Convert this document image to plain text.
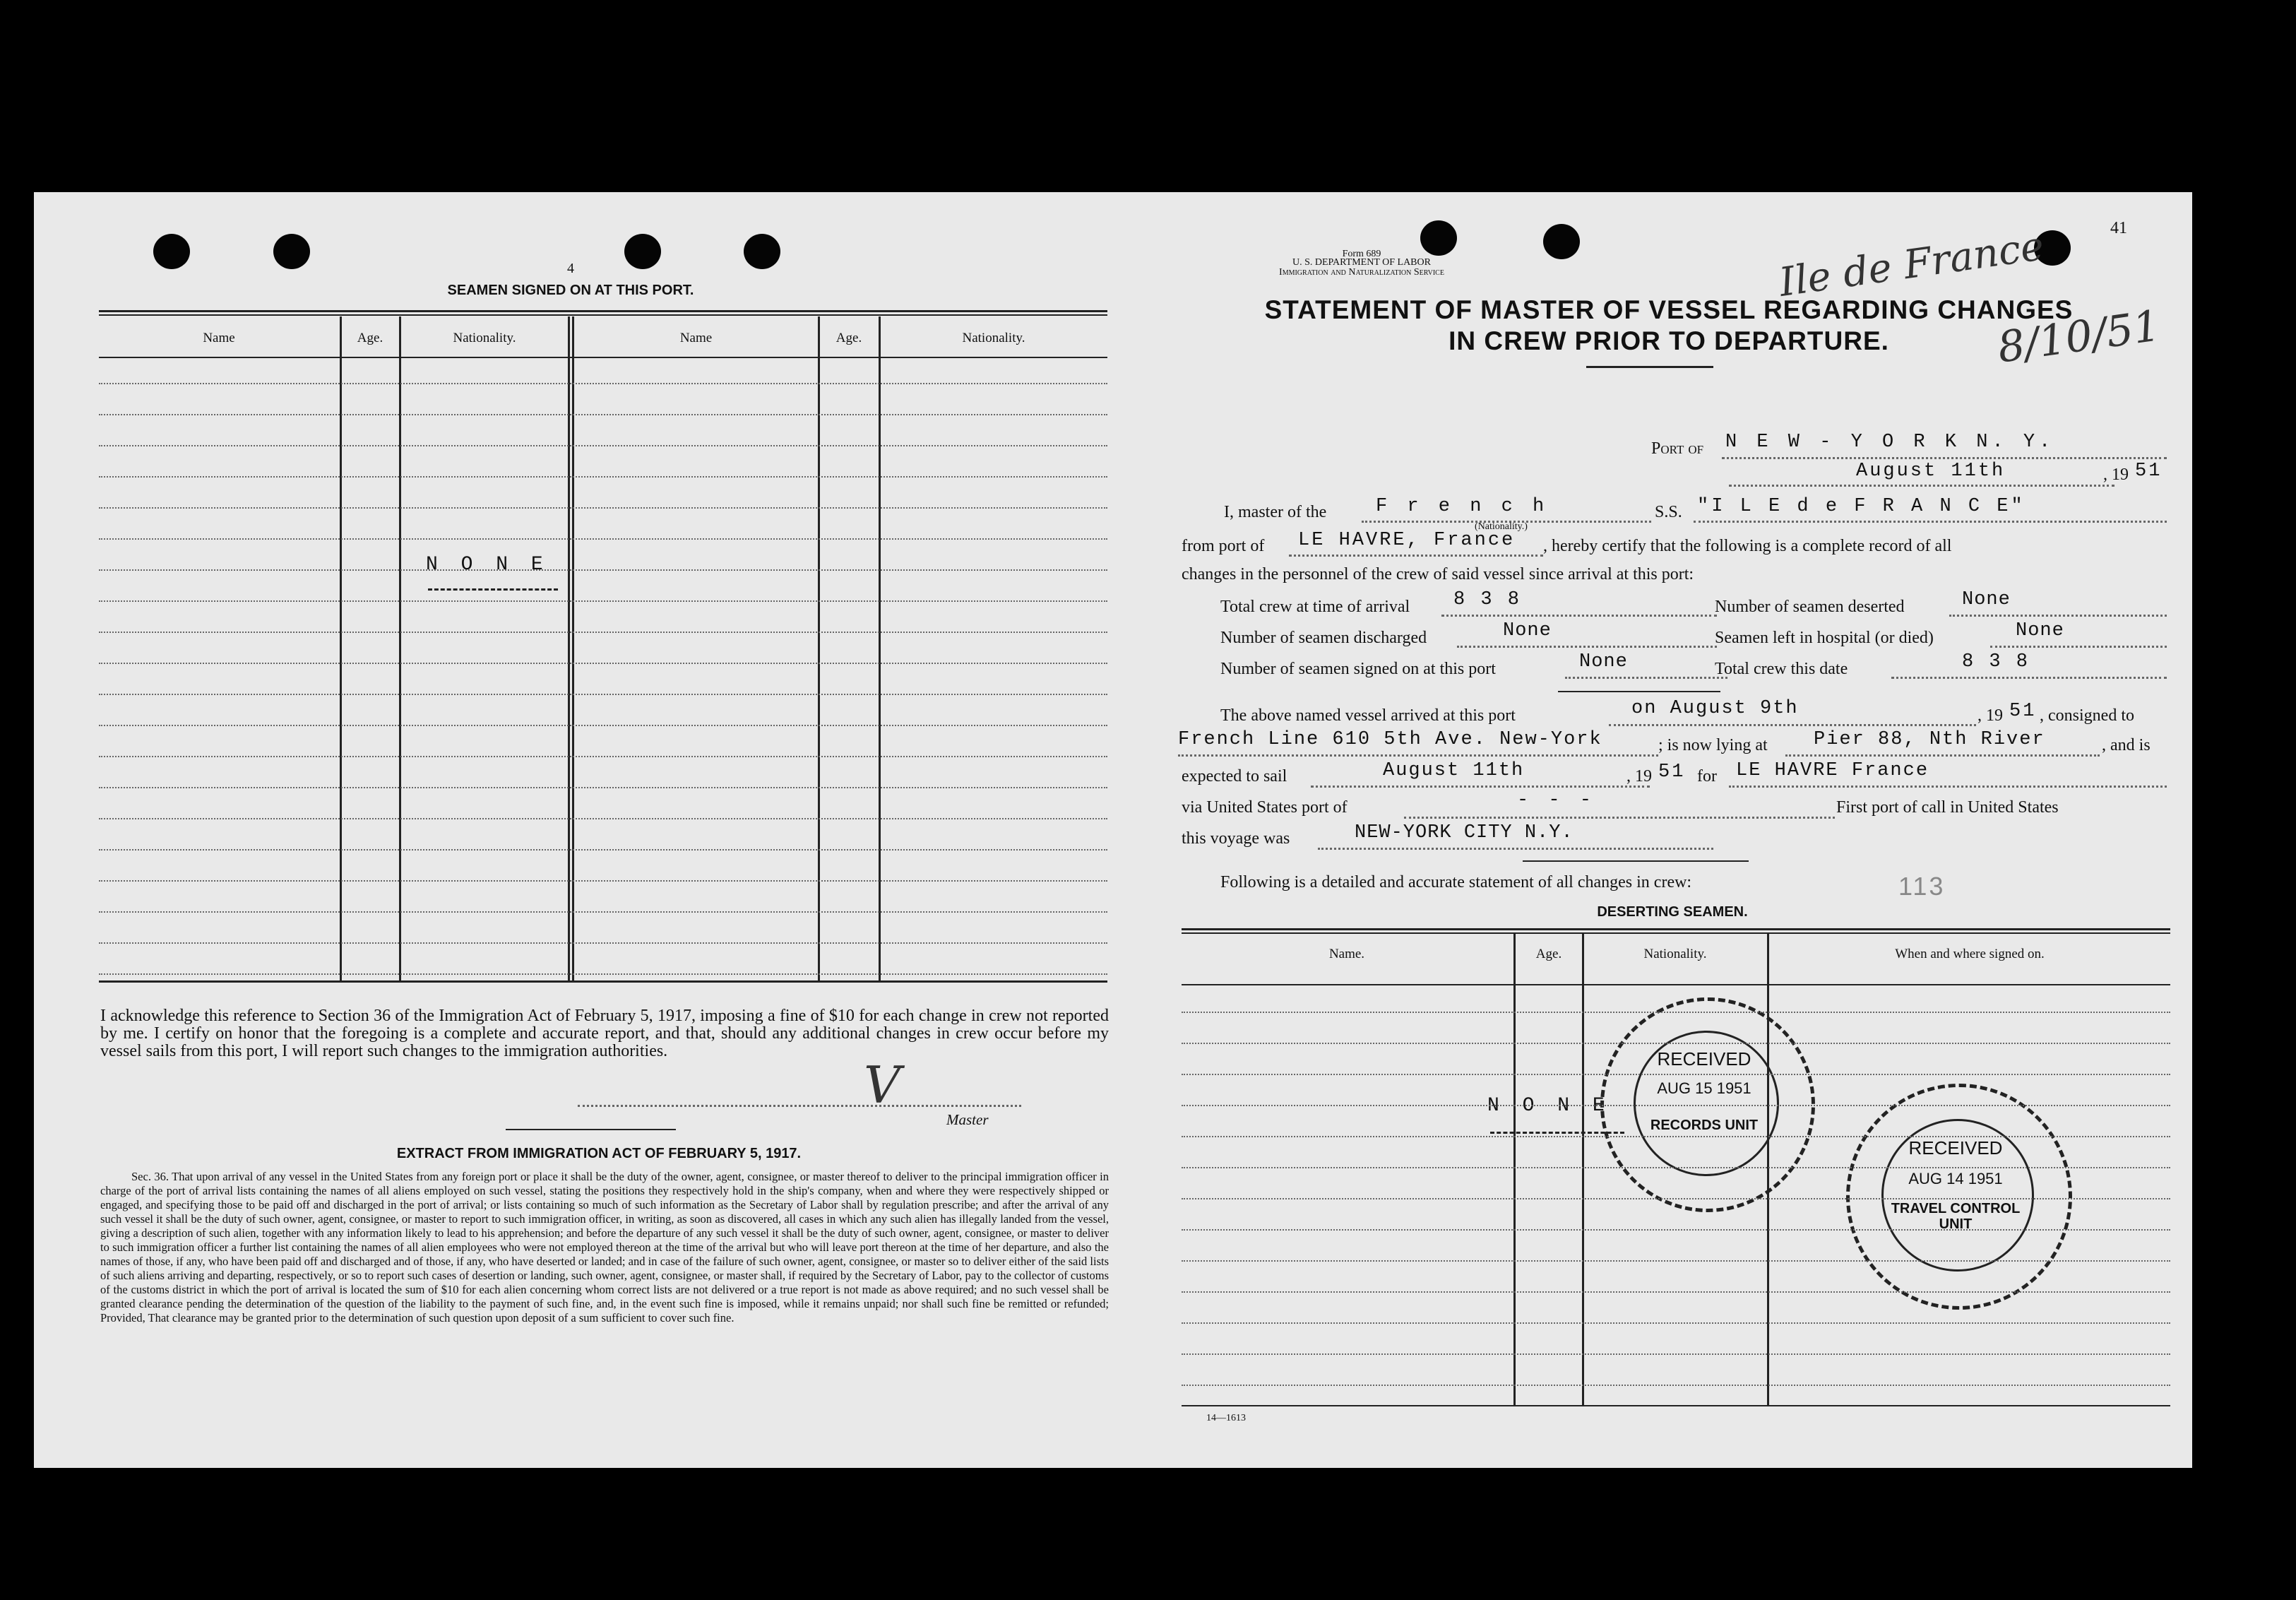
4
SEAMEN SIGNED ON AT THIS PORT.
Name	Age.	Nationality.	Name	Age.	Nationality.
N O N E
I acknowledge this reference to Section 36 of the Immigration Act of February 5, 1917, imposing a fine of $10 for each change in crew not reported by me. I certify on honor that the foregoing is a complete and accurate report, and that, should any additional changes in crew occur before my vessel sails from this port, I will report such changes to the immigration authorities.
V
Master
EXTRACT FROM IMMIGRATION ACT OF FEBRUARY 5, 1917.
Sec. 36. That upon arrival of any vessel in the United States from any foreign port or place it shall be the duty of the owner, agent, consignee, or master thereof to deliver to the principal immigration officer in charge of the port of arrival lists containing the names of all aliens employed on such vessel, stating the positions they respectively hold in the ship's company, when and where they were respectively shipped or engaged, and specifying those to be paid off and discharged in the port of arrival; or lists containing so much of such information as the Secretary of Labor shall by regulation prescribe; and after the arrival of any such vessel it shall be the duty of such owner, agent, consignee, or master to report to such immigration officer, in writing, as soon as discovered, all cases in which any such alien has illegally landed from the vessel, giving a description of such alien, together with any information likely to lead to his apprehension; and before the departure of any such vessel it shall be the duty of such owner, agent, consignee, or master to deliver to such immigration officer a further list containing the names of all alien employees who were not employed thereon at the time of the arrival but who will leave port thereon at the time of her departure, and also the names of those, if any, who have been paid off and discharged and of those, if any, who have deserted or landed; and in case of the failure of such owner, agent, consignee, or master so to deliver either of the said lists of such aliens arriving and departing, respectively, or so to report such cases of desertion or landing, such owner, agent, consignee, or master shall, if required by the Secretary of Labor, pay to the collector of customs of the customs district in which the port of arrival is located the sum of $10 for each alien concerning whom correct lists are not delivered or a true report is not made as above required; and no such vessel shall be granted clearance pending the determination of the question of the liability to the payment of such fine, and, in the event such fine is imposed, while it remains unpaid; nor shall such fine be remitted or refunded; Provided, That clearance may be granted prior to the determination of such question upon deposit of a sum sufficient to cover such fine.
Form 689
U. S. DEPARTMENT OF LABOR
Immigration and Naturalization Service
41
STATEMENT OF MASTER OF VESSEL REGARDING CHANGES
IN CREW PRIOR TO DEPARTURE.
Ile de France
8/10/51
Port of N E W - Y O R K N. Y.
August 11th	, 19 51
I, master of the	F r e n c h
(Nationality.)
S.S. "I L E d e F R A N C E"
from port of LE HAVRE, France , hereby certify that the following is a complete record of all
changes in the personnel of the crew of said vessel since arrival at this port:
Total crew at time of arrival 8 3 8	Number of seamen deserted	None
Number of seamen discharged	None	Seamen left in hospital (or died)	None
Number of seamen signed on at this port	None	Total crew this date	8 3 8
The above named vessel arrived at this port	on August 9th	, 19 51 , consigned to
French Line 610 5th Ave. New-York	; is now lying at Pier 88, Nth River	, and is
expected to sail	August 11th	, 19 51 for LE HAVRE France
via United States port of	- - -	First port of call in United States
this voyage was	NEW-YORK CITY N.Y.
Following is a detailed and accurate statement of all changes in crew:	113
DESERTING SEAMEN.
Name.	Age.	Nationality.	When and where signed on.
N O N E
RECEIVED
AUG 15 1951
RECORDS UNIT
RECEIVED
AUG 14 1951
TRAVEL CONTROL UNIT
14—1613
